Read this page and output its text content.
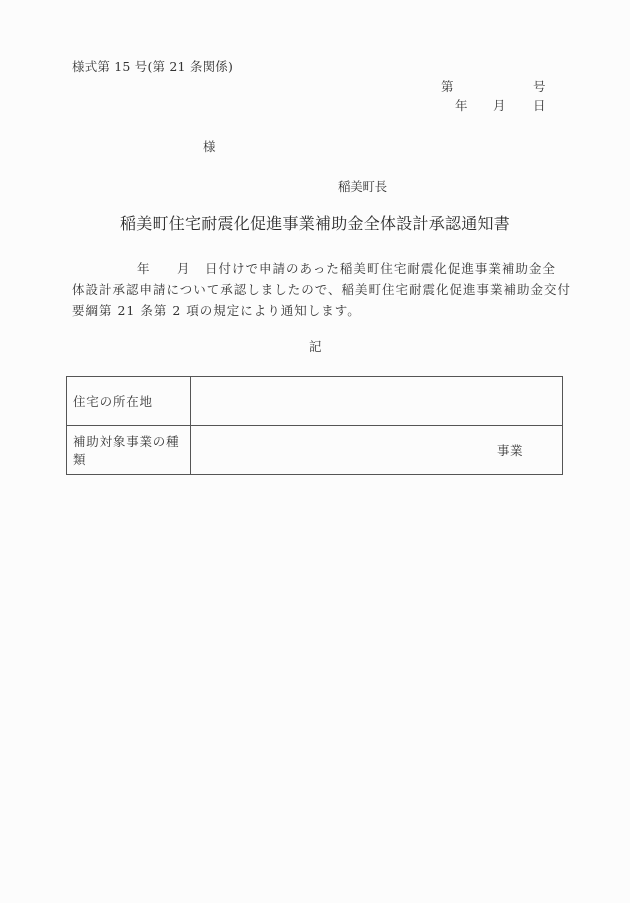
様式第 15 号(第 21 条関係)
第	号
年 月 日
様
稲美町長
稲美町住宅耐震化促進事業補助金全体設計承認通知書
年 月 日付けで申請のあった稲美町住宅耐震化促進事業補助金全
体設計承認申請について承認しましたので、稲美町住宅耐震化促進事業補助金交付
要綱第 21 条第 2 項の規定により通知します。
記
住宅の所在地	
補助対象事業の種類	事業
